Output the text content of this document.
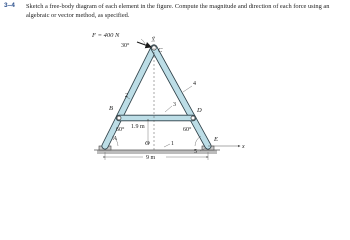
3–4 Sketch a free-body diagram of each element in the figure. Compute the magnitude and direction of each force using an algebraic or vector method, as specified.
y
x
F = 400 N
30°
C
B	D
A	E
O
2
3
4
1
5
60°	60°
1.9 m
9 m
